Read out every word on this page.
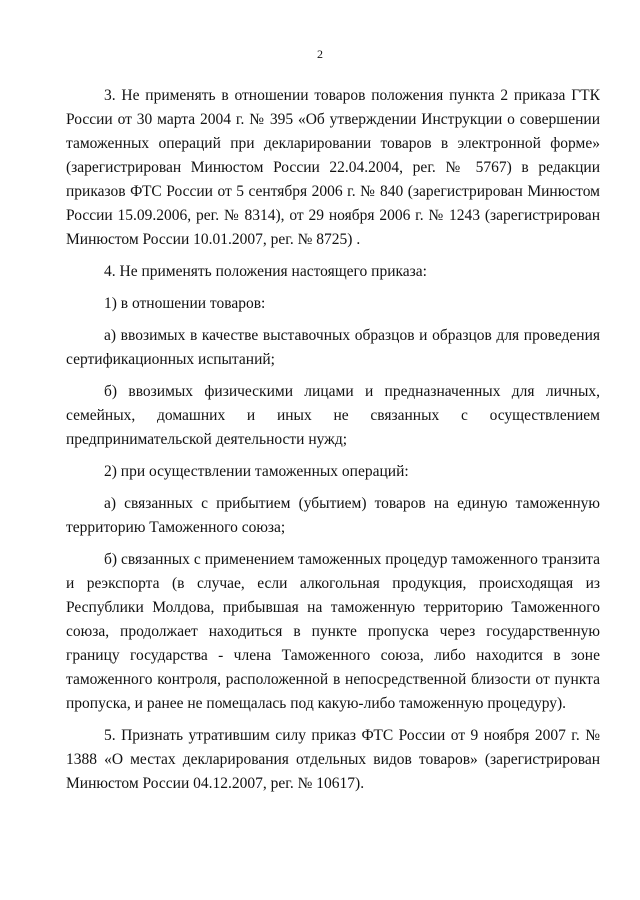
2

3. Не применять в отношении товаров положения пункта 2 приказа ГТК России от 30 марта 2004 г. № 395 «Об утверждении Инструкции о совершении таможенных операций при декларировании товаров в электронной форме» (зарегистрирован Минюстом России 22.04.2004, рег. № 5767) в редакции приказов ФТС России от 5 сентября 2006 г. № 840 (зарегистрирован Минюстом России 15.09.2006, рег. № 8314), от 29 ноября 2006 г. № 1243 (зарегистрирован Минюстом России 10.01.2007, рег. № 8725) .

4. Не применять положения настоящего приказа:

1) в отношении товаров:

а) ввозимых в качестве выставочных образцов и образцов для проведения сертификационных испытаний;

б) ввозимых физическими лицами и предназначенных для личных, семейных, домашних и иных не связанных с осуществлением предпринимательской деятельности нужд;

2) при осуществлении таможенных операций:

а) связанных с прибытием (убытием) товаров на единую таможенную территорию Таможенного союза;

б) связанных с применением таможенных процедур таможенного транзита и реэкспорта (в случае, если алкогольная продукция, происходящая из Республики Молдова, прибывшая на таможенную территорию Таможенного союза, продолжает находиться в пункте пропуска через государственную границу государства - члена Таможенного союза, либо находится в зоне таможенного контроля, расположенной в непосредственной близости от пункта пропуска, и ранее не помещалась под какую-либо таможенную процедуру).

5. Признать утратившим силу приказ ФТС России от 9 ноября 2007 г. № 1388 «О местах декларирования отдельных видов товаров» (зарегистрирован Минюстом России 04.12.2007, рег. № 10617).
